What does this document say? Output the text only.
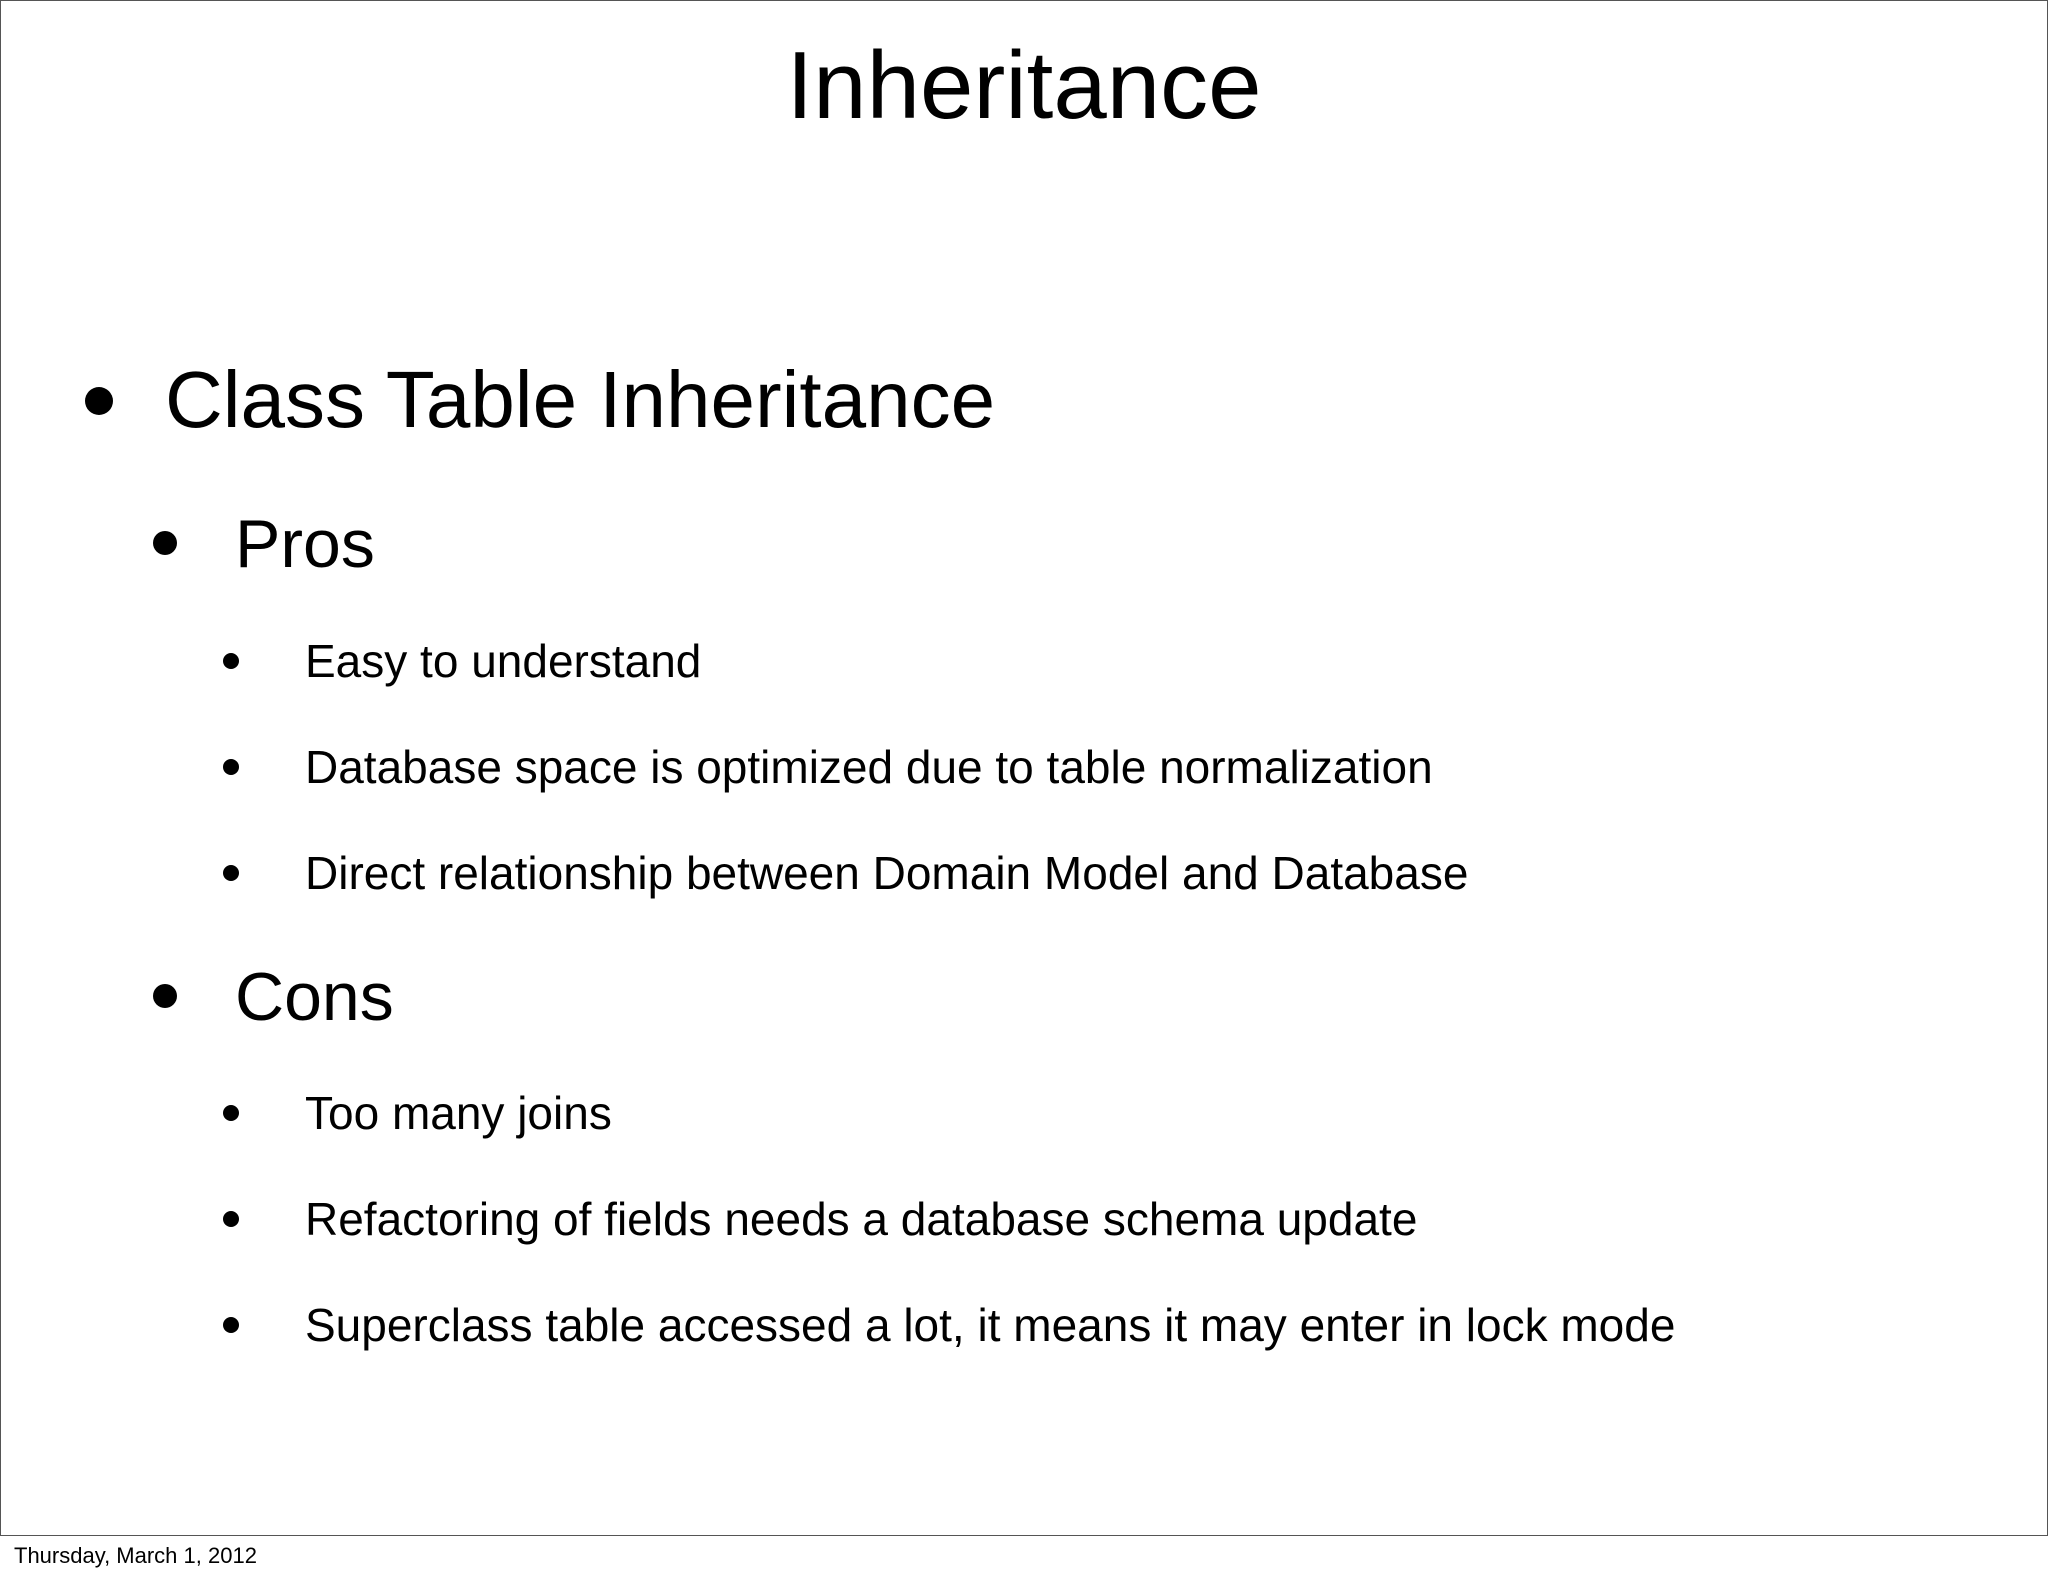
Inheritance
Class Table Inheritance
Pros
Easy to understand
Database space is optimized due to table normalization
Direct relationship between Domain Model and Database
Cons
Too many joins
Refactoring of fields needs a database schema update
Superclass table accessed a lot, it means it may enter in lock mode
Thursday, March 1, 2012
